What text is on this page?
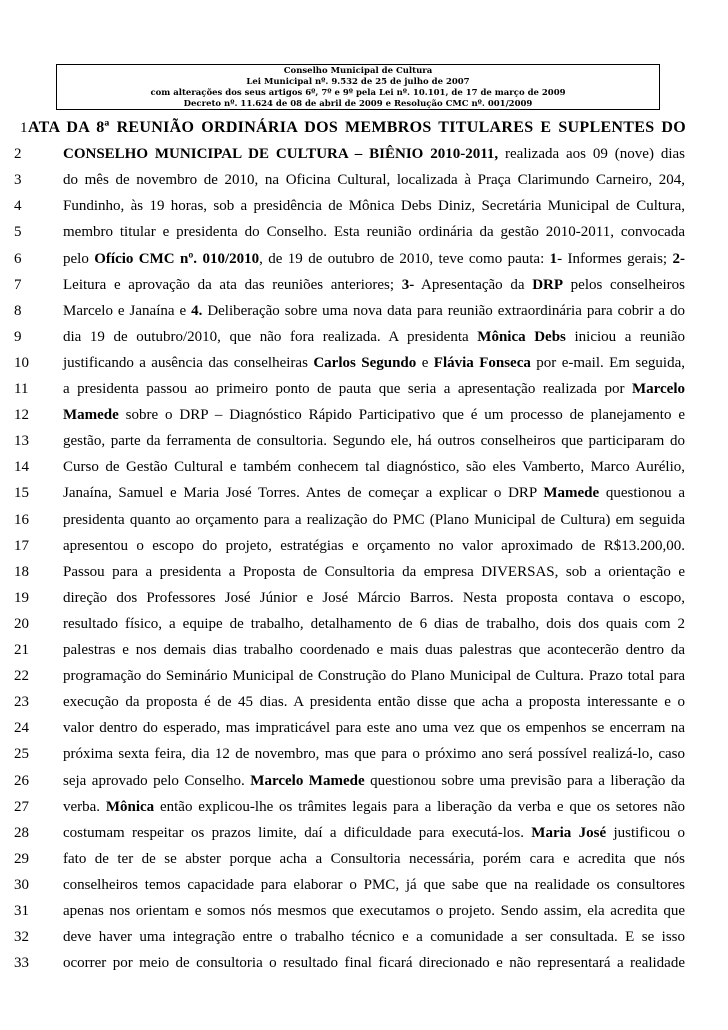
Conselho Municipal de Cultura
Lei Municipal nº. 9.532 de 25 de julho de 2007
com alterações dos seus artigos 6º, 7º e 9º pela Lei nº. 10.101, de 17 de março de 2009
Decreto nº. 11.624 de 08 de abril de 2009 e Resolução CMC nº. 001/2009
1 ATA DA 8ª REUNIÃO ORDINÁRIA DOS MEMBROS TITULARES E SUPLENTES DO
2	CONSELHO MUNICIPAL DE CULTURA – BIÊNIO 2010-2011, realizada aos 09 (nove) dias
3	do mês de novembro de 2010, na Oficina Cultural, localizada à Praça Clarimundo Carneiro, 204,
4	Fundinho, às 19 horas, sob a presidência de Mônica Debs Diniz, Secretária Municipal de Cultura,
5	membro titular e presidenta do Conselho. Esta reunião ordinária da gestão 2010-2011, convocada
6	pelo Ofício CMC nº. 010/2010, de 19 de outubro de 2010, teve como pauta: 1- Informes gerais; 2-
7	Leitura e aprovação da ata das reuniões anteriores; 3- Apresentação da DRP pelos conselheiros
8	Marcelo e Janaína e 4. Deliberação sobre uma nova data para reunião extraordinária para cobrir a do
9	dia 19 de outubro/2010, que não fora realizada. A presidenta Mônica Debs iniciou a reunião
10	justificando a ausência das conselheiras Carlos Segundo e Flávia Fonseca por e-mail. Em seguida,
11	a presidenta passou ao primeiro ponto de pauta que seria a apresentação realizada por Marcelo
12	Mamede sobre o DRP – Diagnóstico Rápido Participativo que é um processo de planejamento e
13	gestão, parte da ferramenta de consultoria. Segundo ele, há outros conselheiros que participaram do
14	Curso de Gestão Cultural e também conhecem tal diagnóstico, são eles Vamberto, Marco Aurélio,
15	Janaína, Samuel e Maria José Torres. Antes de começar a explicar o DRP Mamede questionou a
16	presidenta quanto ao orçamento para a realização do PMC (Plano Municipal de Cultura) em seguida
17	apresentou o escopo do projeto, estratégias e orçamento no valor aproximado de R$13.200,00.
18	Passou para a presidenta a Proposta de Consultoria da empresa DIVERSAS, sob a orientação e
19	direção dos Professores José Júnior e José Márcio Barros. Nesta proposta contava o escopo,
20	resultado físico, a equipe de trabalho, detalhamento de 6 dias de trabalho, dois dos quais com 2
21	palestras e nos demais dias trabalho coordenado e mais duas palestras que acontecerão dentro da
22	programação do Seminário Municipal de Construção do Plano Municipal de Cultura. Prazo total para
23	execução da proposta é de 45 dias. A presidenta então disse que acha a proposta interessante e o
24	valor dentro do esperado, mas impraticável para este ano uma vez que os empenhos se encerram na
25	próxima sexta feira, dia 12 de novembro, mas que para o próximo ano será possível realizá-lo, caso
26	seja aprovado pelo Conselho. Marcelo Mamede questionou sobre uma previsão para a liberação da
27	verba. Mônica então explicou-lhe os trâmites legais para a liberação da verba e que os setores não
28	costumam respeitar os prazos limite, daí a dificuldade para executá-los. Maria José justificou o
29	fato de ter de se abster porque acha a Consultoria necessária, porém cara e acredita que nós
30	conselheiros temos capacidade para elaborar o PMC, já que sabe que na realidade os consultores
31	apenas nos orientam e somos nós mesmos que executamos o projeto. Sendo assim, ela acredita que
32	deve haver uma integração entre o trabalho técnico e a comunidade a ser consultada. E se isso
33	ocorrer por meio de consultoria o resultado final ficará direcionado e não representará a realidade
